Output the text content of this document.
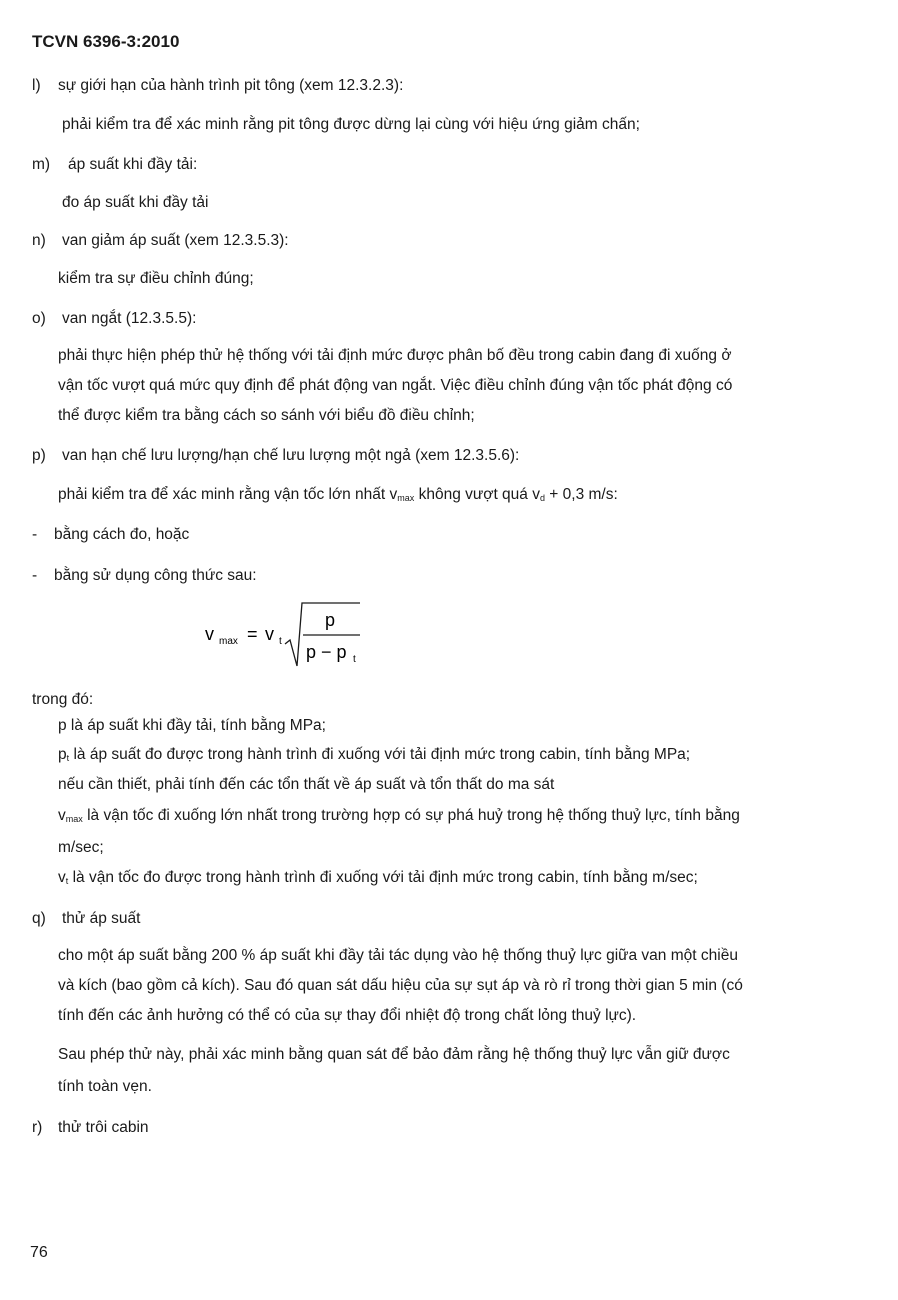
TCVN 6396-3:2010
l) sự giới hạn của hành trình pit tông (xem 12.3.2.3):
phải kiểm tra để xác minh rằng pit tông được dừng lại cùng với hiệu ứng giảm chấn;
m) áp suất khi đầy tải:
đo áp suất khi đầy tải
n) van giảm áp suất (xem 12.3.5.3):
kiểm tra sự điều chỉnh đúng;
o) van ngắt (12.3.5.5):
phải thực hiện phép thử hệ thống với tải định mức được phân bố đều trong cabin đang đi xuống ở
vận tốc vượt quá mức quy định để phát động van ngắt. Việc điều chỉnh đúng vận tốc phát động có
thể được kiểm tra bằng cách so sánh với biểu đồ điều chỉnh;
p) van hạn chế lưu lượng/hạn chế lưu lượng một ngả (xem 12.3.5.6):
phải kiểm tra để xác minh rằng vận tốc lớn nhất $v_{max}$ không vượt quá $v_d + 0,3$ m/s:
- bằng cách đo, hoặc
- bằng sử dụng công thức sau:
v max = v t
p
p − p t
trong đó:
p là áp suất khi đầy tải, tính bằng MPa;
$p_t$ là áp suất đo được trong hành trình đi xuống với tải định mức trong cabin, tính bằng MPa;
nếu cần thiết, phải tính đến các tổn thất về áp suất và tổn thất do ma sát
$v_{max}$ là vận tốc đi xuống lớn nhất trong trường hợp có sự phá huỷ trong hệ thống thuỷ lực, tính bằng
m/sec;
$v_t$ là vận tốc đo được trong hành trình đi xuống với tải định mức trong cabin, tính bằng m/sec;
q) thử áp suất
cho một áp suất bằng 200 % áp suất khi đầy tải tác dụng vào hệ thống thuỷ lực giữa van một chiều
và kích (bao gồm cả kích). Sau đó quan sát dấu hiệu của sự sụt áp và rò rỉ trong thời gian 5 min (có
tính đến các ảnh hưởng có thể có của sự thay đổi nhiệt độ trong chất lỏng thuỷ lực).
Sau phép thử này, phải xác minh bằng quan sát để bảo đảm rằng hệ thống thuỷ lực vẫn giữ được
tính toàn vẹn.
r) thử trôi cabin
76
